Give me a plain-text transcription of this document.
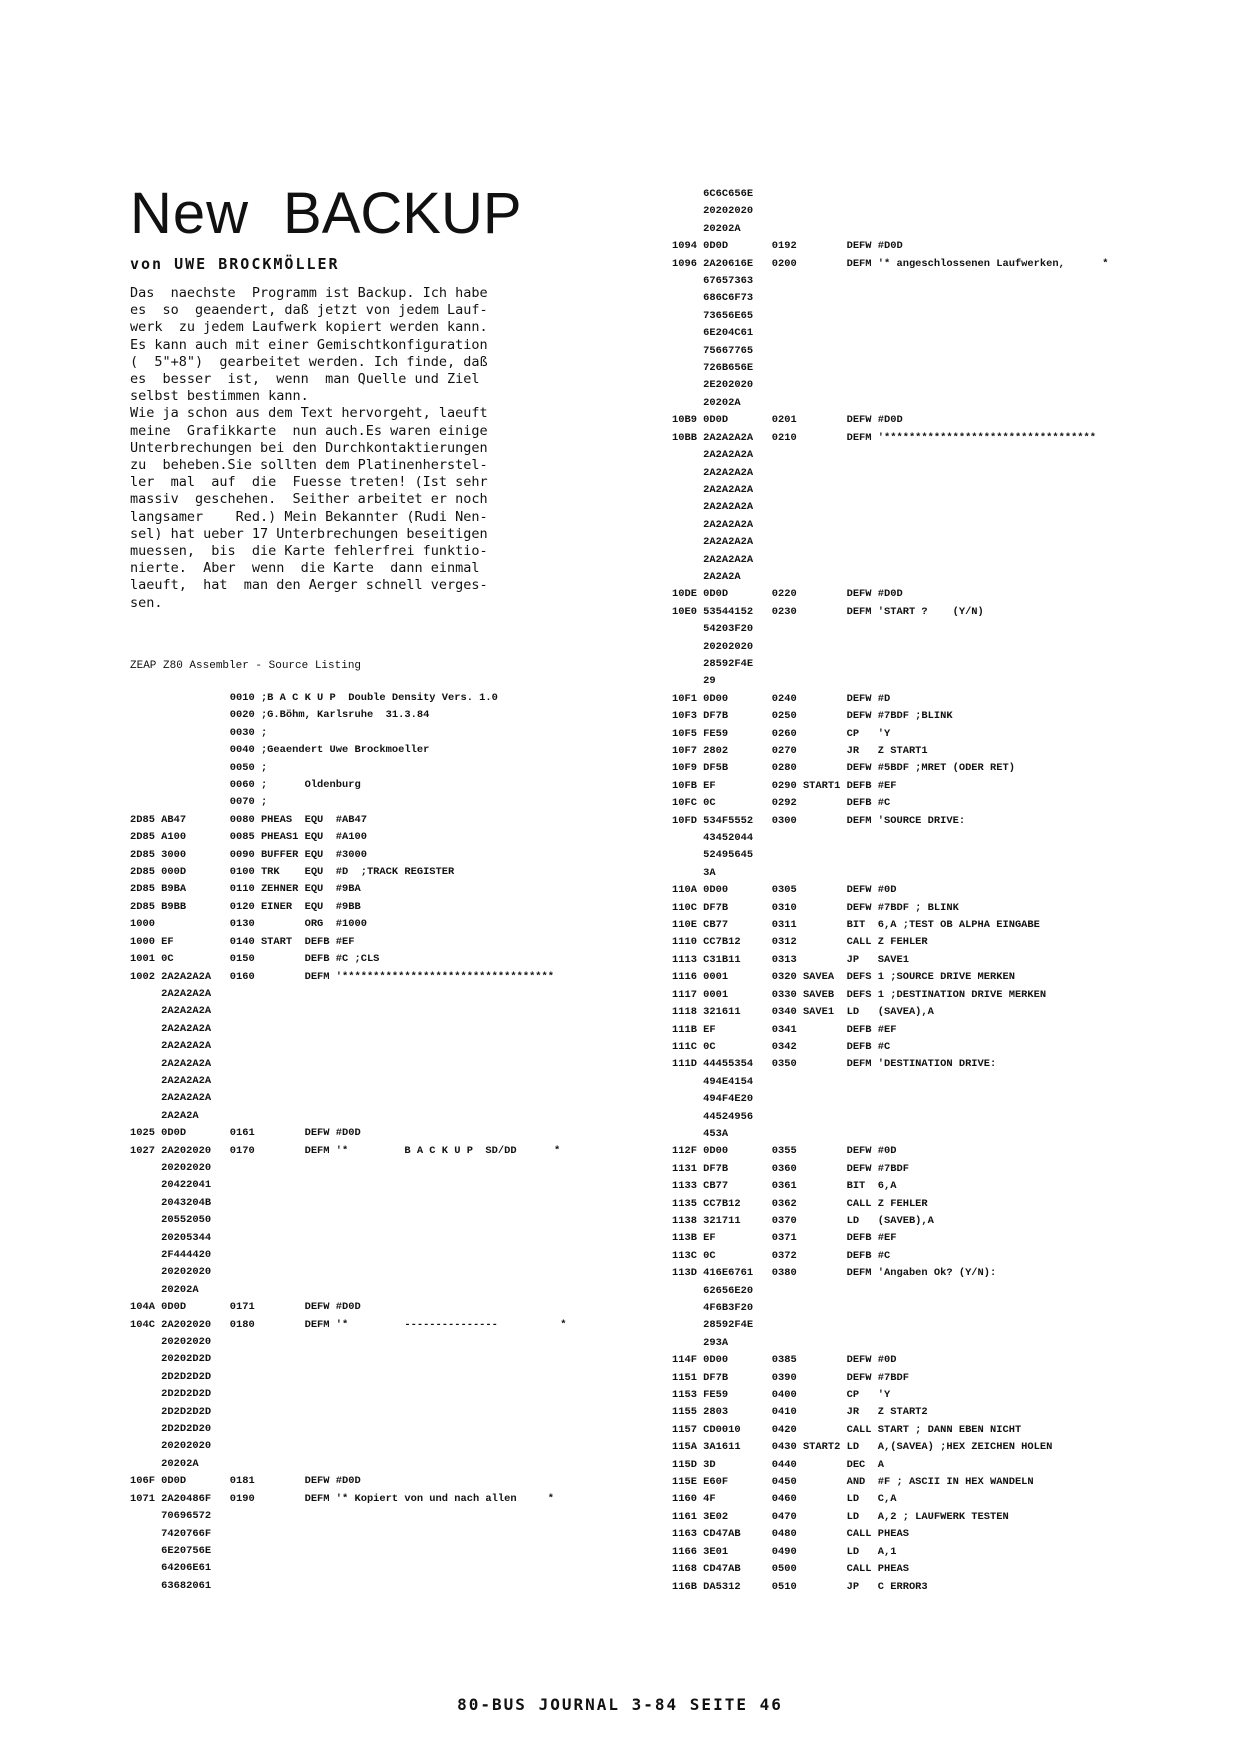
New BACKUP
von UWE BROCKMÖLLER

Das  naechste  Programm ist Backup. Ich habe
es  so  geaendert, daß jetzt von jedem Lauf-
werk  zu jedem Laufwerk kopiert werden kann.
Es kann auch mit einer Gemischtkonfiguration
(  5"+8")  gearbeitet werden. Ich finde, daß
es  besser  ist,  wenn  man Quelle und Ziel
selbst bestimmen kann.
Wie ja schon aus dem Text hervorgeht, laeuft
meine  Grafikkarte  nun auch.Es waren einige
Unterbrechungen bei den Durchkontaktierungen
zu  beheben.Sie sollten dem Platinenherstel-
ler  mal  auf  die  Fuesse treten! (Ist sehr
massiv  geschehen.  Seither arbeitet er noch
langsamer    Red.) Mein Bekannter (Rudi Nen-
sel) hat ueber 17 Unterbrechungen beseitigen
muessen,  bis  die Karte fehlerfrei funktio-
nierte.  Aber  wenn  die Karte  dann einmal
laeuft,  hat  man den Aerger schnell verges-
sen.

ZEAP Z80 Assembler - Source Listing
0010 ;B A C K U P  Double Density Vers. 1.0
0020 ;G.Böhm, Karlsruhe  31.3.84
0030 ;
0040 ;Geaendert Uwe Brockmoeller
0050 ;
0060 ;      Oldenburg
0070 ;
2D85 AB47       0080 PHEAS  EQU  #AB47
2D85 A100       0085 PHEAS1 EQU  #A100
2D85 3000       0090 BUFFER EQU  #3000
2D85 000D       0100 TRK    EQU  #D  ;TRACK REGISTER
2D85 B9BA       0110 ZEHNER EQU  #9BA
2D85 B9BB       0120 EINER  EQU  #9BB
1000            0130        ORG  #1000
1000 EF         0140 START  DEFB #EF
1001 0C         0150        DEFB #C ;CLS
1002 2A2A2A2A   0160        DEFM '**********************************
2A2A2A2A
2A2A2A2A
2A2A2A2A
2A2A2A2A
2A2A2A2A
2A2A2A2A
2A2A2A2A
2A2A2A
1025 0D0D       0161        DEFW #D0D
1027 2A202020   0170        DEFM '*         B A C K U P  SD/DD      *
20202020
20422041
2043204B
20552050
20205344
2F444420
20202020
20202A
104A 0D0D       0171        DEFW #D0D
104C 2A202020   0180        DEFM '*         ---------------          *
20202020
20202D2D
2D2D2D2D
2D2D2D2D
2D2D2D2D
2D2D2D20
20202020
20202A
106F 0D0D       0181        DEFW #D0D
1071 2A20486F   0190        DEFM '* Kopiert von und nach allen     *
70696572
7420766F
6E20756E
64206E61
63682061
6C6C656E
20202020
20202A
1094 0D0D       0192        DEFW #D0D
1096 2A20616E   0200        DEFM '* angeschlossenen Laufwerken,      *
67657363
686C6F73
73656E65
6E204C61
75667765
726B656E
2E202020
20202A
10B9 0D0D       0201        DEFW #D0D
10BB 2A2A2A2A   0210        DEFM '**********************************
2A2A2A2A
2A2A2A2A
2A2A2A2A
2A2A2A2A
2A2A2A2A
2A2A2A2A
2A2A2A2A
2A2A2A
10DE 0D0D       0220        DEFW #D0D
10E0 53544152   0230        DEFM 'START ?    (Y/N)
54203F20
20202020
28592F4E
29
10F1 0D00       0240        DEFW #D
10F3 DF7B       0250        DEFW #7BDF ;BLINK
10F5 FE59       0260        CP   'Y
10F7 2802       0270        JR   Z START1
10F9 DF5B       0280        DEFW #5BDF ;MRET (ODER RET)
10FB EF         0290 START1 DEFB #EF
10FC 0C         0292        DEFB #C
10FD 534F5552   0300        DEFM 'SOURCE DRIVE:
43452044
52495645
3A
110A 0D00       0305        DEFW #0D
110C DF7B       0310        DEFW #7BDF ; BLINK
110E CB77       0311        BIT  6,A ;TEST OB ALPHA EINGABE
1110 CC7B12     0312        CALL Z FEHLER
1113 C31B11     0313        JP   SAVE1
1116 0001       0320 SAVEA  DEFS 1 ;SOURCE DRIVE MERKEN
1117 0001       0330 SAVEB  DEFS 1 ;DESTINATION DRIVE MERKEN
1118 321611     0340 SAVE1  LD   (SAVEA),A
111B EF         0341        DEFB #EF
111C 0C         0342        DEFB #C
111D 44455354   0350        DEFM 'DESTINATION DRIVE:
494E4154
494F4E20
44524956
453A
112F 0D00       0355        DEFW #0D
1131 DF7B       0360        DEFW #7BDF
1133 CB77       0361        BIT  6,A
1135 CC7B12     0362        CALL Z FEHLER
1138 321711     0370        LD   (SAVEB),A
113B EF         0371        DEFB #EF
113C 0C         0372        DEFB #C
113D 416E6761   0380        DEFM 'Angaben Ok? (Y/N):
62656E20
4F6B3F20
28592F4E
293A
114F 0D00       0385        DEFW #0D
1151 DF7B       0390        DEFW #7BDF
1153 FE59       0400        CP   'Y
1155 2803       0410        JR   Z START2
1157 CD0010     0420        CALL START ; DANN EBEN NICHT
115A 3A1611     0430 START2 LD   A,(SAVEA) ;HEX ZEICHEN HOLEN
115D 3D         0440        DEC  A
115E E60F       0450        AND  #F ; ASCII IN HEX WANDELN
1160 4F         0460        LD   C,A
1161 3E02       0470        LD   A,2 ; LAUFWERK TESTEN
1163 CD47AB     0480        CALL PHEAS
1166 3E01       0490        LD   A,1
1168 CD47AB     0500        CALL PHEAS
116B DA5312     0510        JP   C ERROR3
80-BUS JOURNAL 3-84 SEITE 46
